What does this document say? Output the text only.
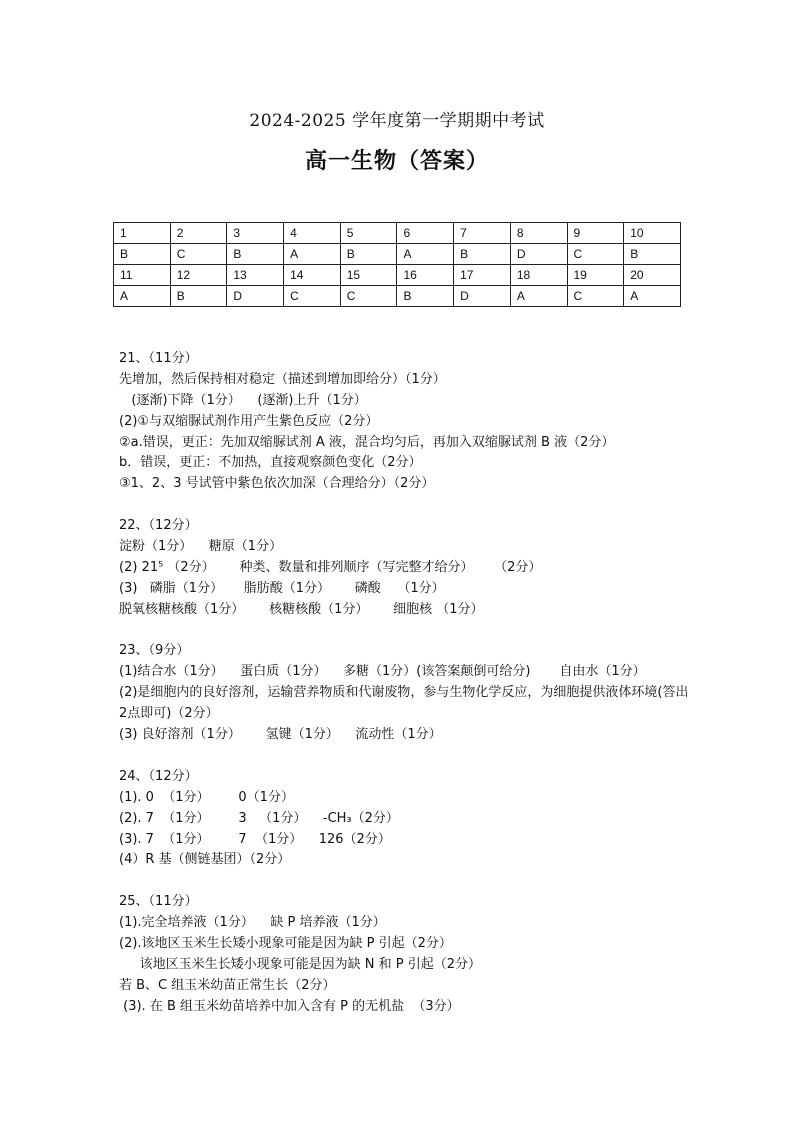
2024-2025 学年度第一学期期中考试
高一生物（答案）
1	2	3	4	5	6	7	8	9	10
B	C	B	A	B	A	B	D	C	B
11	12	13	14	15	16	17	18	19	20
A	B	D	C	C	B	D	A	C	A
21、（11分）
先增加，然后保持相对稳定（描述到增加即给分）（1分）
(逐渐)下降（1分）    (逐渐)上升（1分）
(2)①与双缩脲试剂作用产生紫色反应（2分）
②a.错误，更正：先加双缩脲试剂 A 液，混合均匀后，再加入双缩脲试剂 B 液（2分）
b．错误，更正：不加热，直接观察颜色变化（2分）
③1、2、3 号试管中紫色依次加深（合理给分）（2分）
22、（12分）
淀粉（1分）    糖原（1分）
(2) 21⁵ （2分）      种类、数量和排列顺序（写完整才给分）     （2分）
(3)   磷脂（1分）     脂肪酸（1分）      磷酸    （1分）
脱氧核糖核酸（1分）      核糖核酸（1分）      细胞核 （1分）
23、（9分）
(1)结合水（1分）    蛋白质（1分）    多糖（1分）(该答案颠倒可给分)       自由水（1分）
(2)是细胞内的良好溶剂，运输营养物质和代谢废物，参与生物化学反应，为细胞提供液体环境(答出 2点即可)（2分）
(3) 良好溶剂（1分）      氢键（1分）    流动性（1分）
24、（12分）
(1). 0  （1分）       0（1分）
(2). 7  （1分）       3   （1分）    -CH₃（2分）
(3). 7  （1分）       7  （1分）    126（2分）
(4）R 基（侧链基团）（2分）
25、（11分）
(1).完全培养液（1分）    缺 P 培养液（1分）
(2).该地区玉米生长矮小现象可能是因为缺 P 引起（2分）
该地区玉米生长矮小现象可能是因为缺 N 和 P 引起（2分）
若 B、C 组玉米幼苗正常生长（2分）
(3). 在 B 组玉米幼苗培养中加入含有 P 的无机盐  （3分）
